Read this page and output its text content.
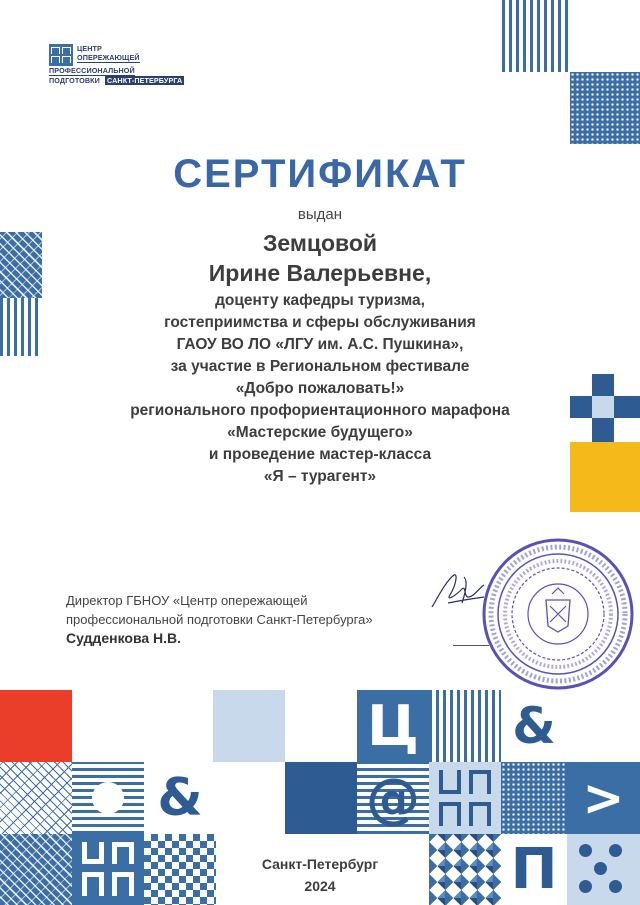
ЦЕНТР
ОПЕРЕЖАЮЩЕЙ
ПРОФЕССИОНАЛЬНОЙ
ПОДГОТОВКИ САНКТ-ПЕТЕРБУРГА
СЕРТИФИКАТ
выдан
Земцовой
Ирине Валерьевне,
доценту кафедры туризма,
гостеприимства и сферы обслуживания
ГАОУ ВО ЛО «ЛГУ им. А.С. Пушкина»,
за участие в Региональном фестивале
«Добро пожаловать!»
регионального профориентационного марафона
«Мастерские будущего»
и проведение мастер-класса
«Я – турагент»
Директор ГБНОУ «Центр опережающей
профессиональной подготовки Санкт-Петербурга»
Судденкова Н.В.
&
Ц &
@	>
П
Санкт-Петербург
2024
